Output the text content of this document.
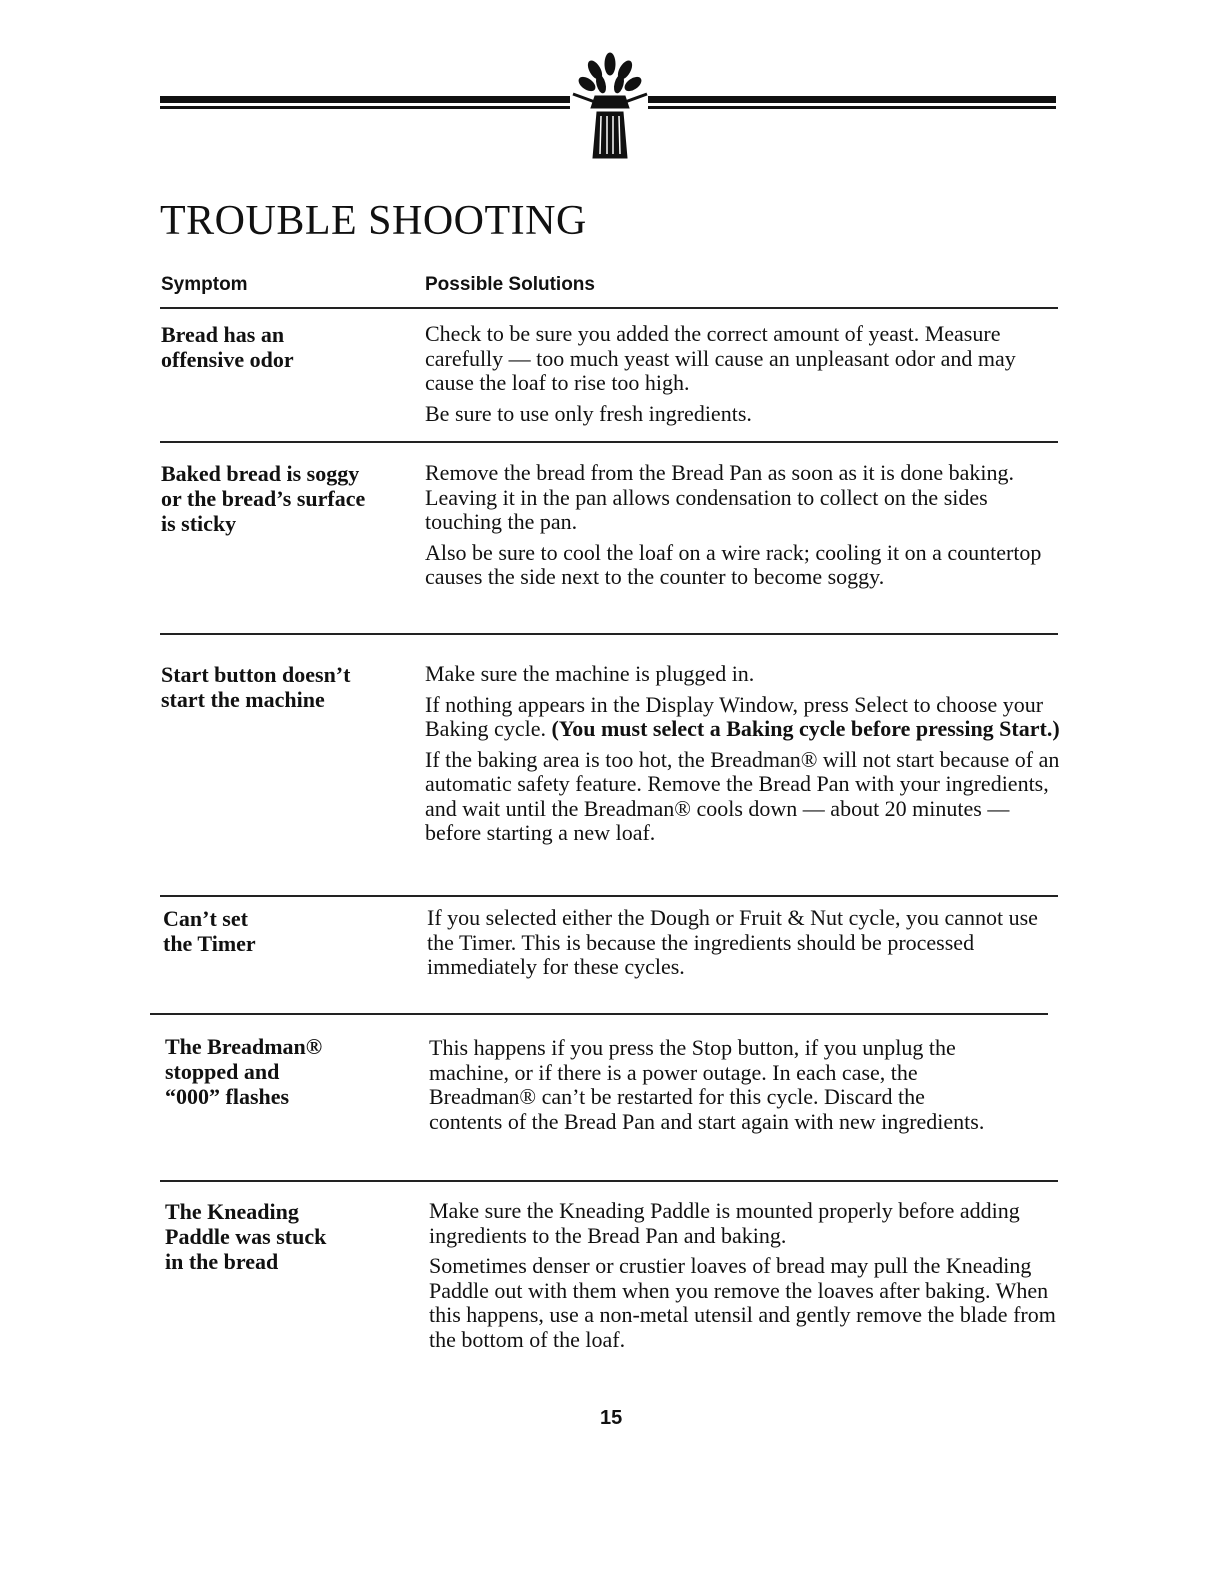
TROUBLE SHOOTING
Symptom	Possible Solutions
Bread has an
offensive odor

Check to be sure you added the correct amount of yeast. Measure carefully — too much yeast will cause an unpleasant odor and may cause the loaf to rise too high.

Be sure to use only fresh ingredients.

Baked bread is soggy
or the bread’s surface
is sticky

Remove the bread from the Bread Pan as soon as it is done baking. Leaving it in the pan allows condensation to collect on the sides touching the pan.

Also be sure to cool the loaf on a wire rack; cooling it on a countertop causes the side next to the counter to become soggy.

Start button doesn’t
start the machine

Make sure the machine is plugged in.

If nothing appears in the Display Window, press Select to choose your Baking cycle. (You must select a Baking cycle before pressing Start.)

If the baking area is too hot, the Breadman® will not start because of an automatic safety feature. Remove the Bread Pan with your ingredients, and wait until the Breadman® cools down — about 20 minutes — before starting a new loaf.

Can’t set
the Timer

If you selected either the Dough or Fruit & Nut cycle, you cannot use the Timer. This is because the ingredients should be processed immediately for these cycles.

The Breadman®
stopped and
“000” flashes

This happens if you press the Stop button, if you unplug the machine, or if there is a power outage. In each case, the Breadman® can’t be restarted for this cycle. Discard the contents of the Bread Pan and start again with new ingredients.

The Kneading
Paddle was stuck
in the bread

Make sure the Kneading Paddle is mounted properly before adding ingredients to the Bread Pan and baking.

Sometimes denser or crustier loaves of bread may pull the Kneading Paddle out with them when you remove the loaves after baking. When this happens, use a non-metal utensil and gently remove the blade from the bottom of the loaf.

15
